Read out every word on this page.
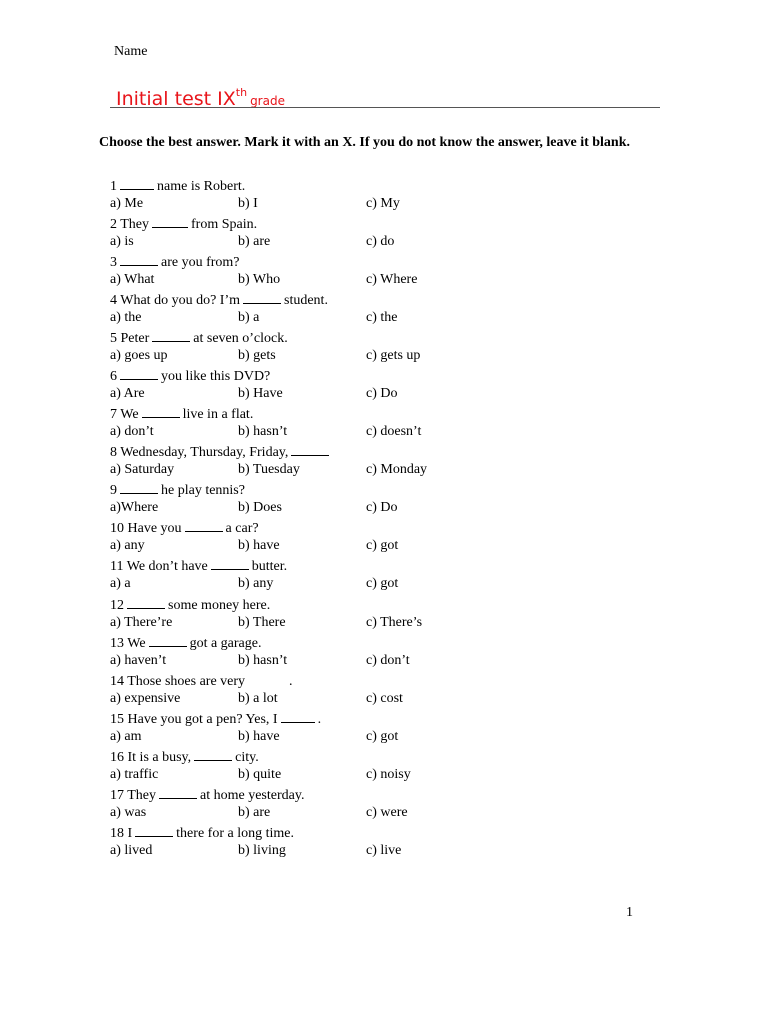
Name
Initial test IXthgrade
Choose the best answer. Mark it with an X. If you do not know the answer, leave it blank.
1	name is Robert.
a) Me	b) I	c) My
2 They	from Spain.
a) is	b) are	c) do
3	are you from?
a) What	b) Who	c) Where
4 What do you do? I’m	student.
a) the	b) a	c) the
5 Peter	at seven o’clock.
a) goes up	b) gets	c) gets up
6	you like this DVD?
a) Are	b) Have	c) Do
7 We	live in a flat.
a) don’t	b) hasn’t	c) doesn’t
8 Wednesday, Thursday, Friday,
a) Saturday	b) Tuesday	c) Monday
9	he play tennis?
a)Where	b) Does	c) Do
10 Have you	a car?
a) any	b) have	c) got
11 We don’t have	butter.
a) a	b) any	c) got
12	some money here.
a) There’re	b) There	c) There’s
13 We	got a garage.
a) haven’t	b) hasn’t	c) don’t
14 Those shoes are very	.
a) expensive	b) a lot	c) cost
15 Have you got a pen? Yes, I	.
a) am	b) have	c) got
16 It is a busy,	city.
a) traffic	b) quite	c) noisy
17 They	at home yesterday.
a) was	b) are	c) were
18 I	there for a long time.
a) lived	b) living	c) live
1
